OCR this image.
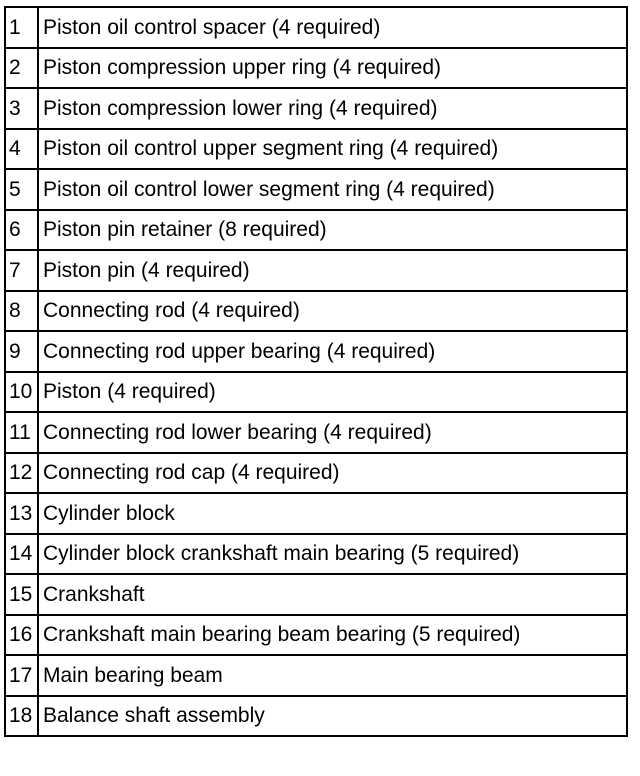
1	Piston oil control spacer (4 required)
2	Piston compression upper ring (4 required)
3	Piston compression lower ring (4 required)
4	Piston oil control upper segment ring (4 required)
5	Piston oil control lower segment ring (4 required)
6	Piston pin retainer (8 required)
7	Piston pin (4 required)
8	Connecting rod (4 required)
9	Connecting rod upper bearing (4 required)
10	Piston (4 required)
11	Connecting rod lower bearing (4 required)
12	Connecting rod cap (4 required)
13	Cylinder block
14	Cylinder block crankshaft main bearing (5 required)
15	Crankshaft
16	Crankshaft main bearing beam bearing (5 required)
17	Main bearing beam
18	Balance shaft assembly
